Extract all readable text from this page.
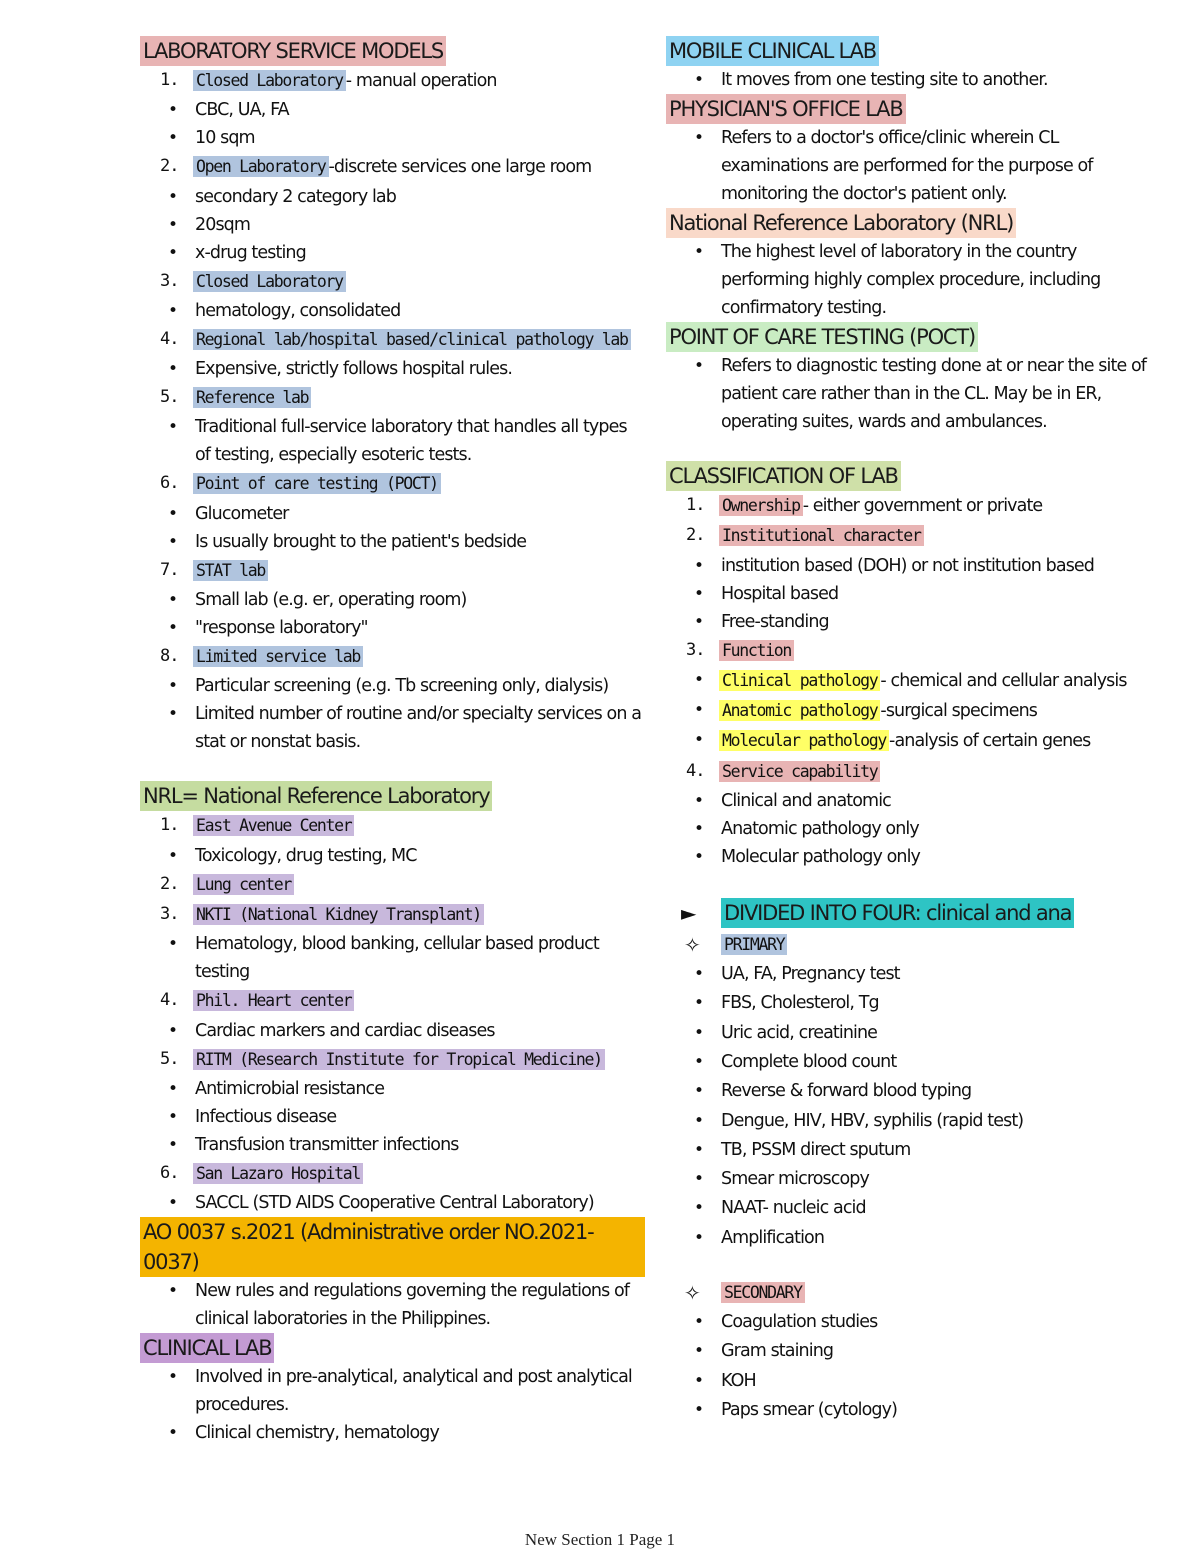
LABORATORY SERVICE MODELS
1. Closed Laboratory - manual operation
• CBC, UA, FA
• 10 sqm
2. Open Laboratory -discrete services one large room
• secondary 2 category lab
• 20sqm
• x-drug testing
3. Closed Laboratory
• hematology, consolidated
4. Regional lab/hospital based/clinical pathology lab
• Expensive, strictly follows hospital rules.
5. Reference lab
• Traditional full-service laboratory that handles all types of testing, especially esoteric tests.
6. Point of care testing (POCT)
• Glucometer
• Is usually brought to the patient's bedside
7. STAT lab
• Small lab (e.g. er, operating room)
• "response laboratory"
8. Limited service lab
• Particular screening (e.g. Tb screening only, dialysis)
• Limited number of routine and/or specialty services on a stat or nonstat basis.
NRL= National Reference Laboratory
1. East Avenue Center
• Toxicology, drug testing, MC
2. Lung center
3. NKTI (National Kidney Transplant)
• Hematology, blood banking, cellular based product testing
4. Phil. Heart center
• Cardiac markers and cardiac diseases
5. RITM (Research Institute for Tropical Medicine)
• Antimicrobial resistance
• Infectious disease
• Transfusion transmitter infections
6. San Lazaro Hospital
• SACCL (STD AIDS Cooperative Central Laboratory)
AO 0037 s.2021 (Administrative order NO.2021-0037)
• New rules and regulations governing the regulations of clinical laboratories in the Philippines.
CLINICAL LAB
• Involved in pre-analytical, analytical and post analytical procedures.
• Clinical chemistry, hematology
MOBILE CLINICAL LAB
• It moves from one testing site to another.
PHYSICIAN'S OFFICE LAB
• Refers to a doctor's office/clinic wherein CL examinations are performed for the purpose of monitoring the doctor's patient only.
National Reference Laboratory (NRL)
• The highest level of laboratory in the country performing highly complex procedure, including confirmatory testing.
POINT OF CARE TESTING (POCT)
• Refers to diagnostic testing done at or near the site of patient care rather than in the CL. May be in ER, operating suites, wards and ambulances.
CLASSIFICATION OF LAB
1. Ownership - either government or private
2. Institutional character
• institution based (DOH) or not institution based
• Hospital based
• Free-standing
3. Function
• Clinical pathology - chemical and cellular analysis
• Anatomic pathology -surgical specimens
• Molecular pathology -analysis of certain genes
4. Service capability
• Clinical and anatomic
• Anatomic pathology only
• Molecular pathology only
► DIVIDED INTO FOUR: clinical and ana
✧ PRIMARY
• UA, FA, Pregnancy test
• FBS, Cholesterol, Tg
• Uric acid, creatinine
• Complete blood count
• Reverse & forward blood typing
• Dengue, HIV, HBV, syphilis (rapid test)
• TB, PSSM direct sputum
• Smear microscopy
• NAAT- nucleic acid
• Amplification
✧ SECONDARY
• Coagulation studies
• Gram staining
• KOH
• Paps smear (cytology)
New Section 1 Page 1
